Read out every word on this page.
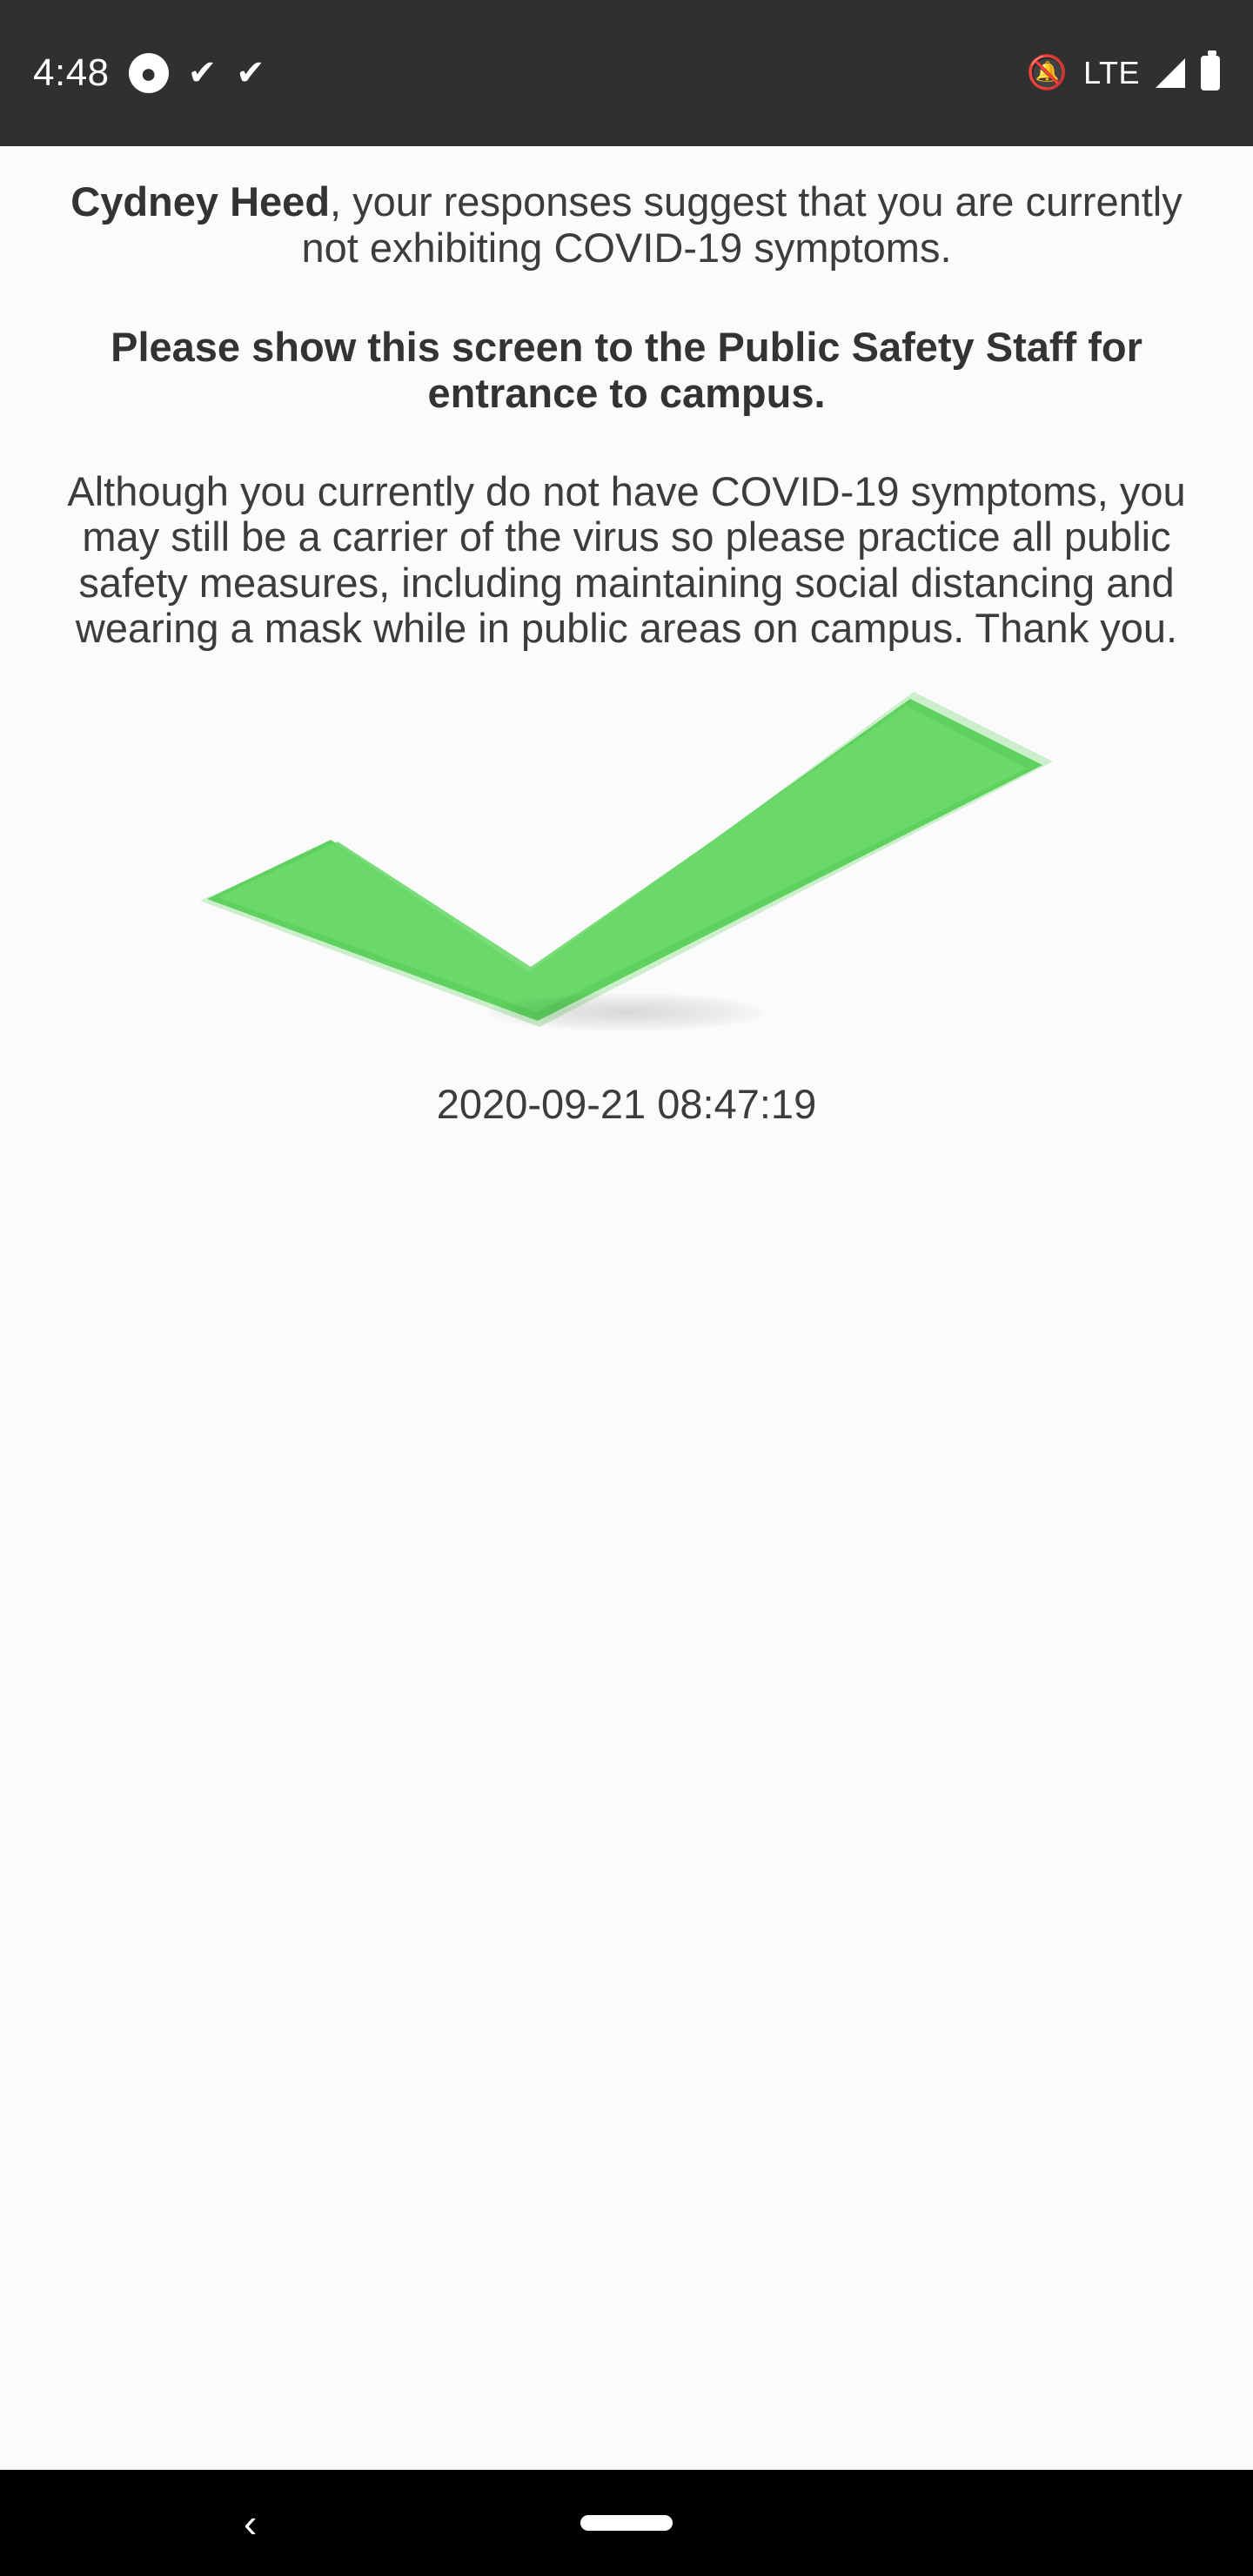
4:48	● ✔ ✔	🔕 LTE
Cydney Heed, your responses suggest that you are currently not exhibiting COVID-19 symptoms.
Please show this screen to the Public Safety Staff for entrance to campus.
Although you currently do not have COVID-19 symptoms, you may still be a carrier of the virus so please practice all public safety measures, including maintaining social distancing and wearing a mask while in public areas on campus. Thank you.
2020-09-21 08:47:19
‹
